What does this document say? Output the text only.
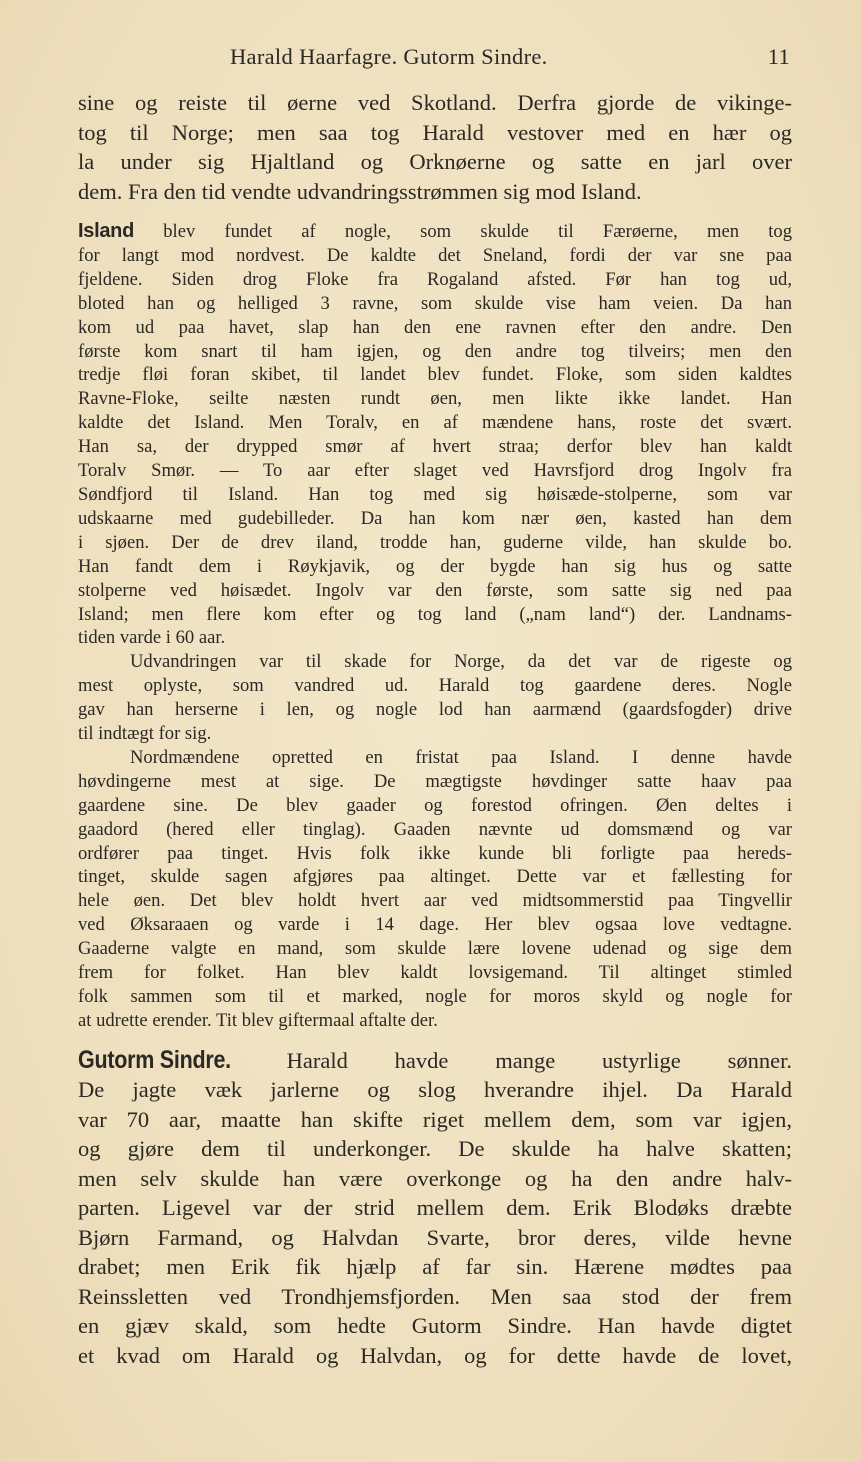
Harald Haarfagre. Gutorm Sindre.	11
sine og reiste til øerne ved Skotland. Derfra gjorde de vikinge-
tog til Norge; men saa tog Harald vestover med en hær og
la under sig Hjaltland og Orknøerne og satte en jarl over
dem. Fra den tid vendte udvandringsstrømmen sig mod Island.
Island blev fundet af nogle, som skulde til Færøerne, men tog
for langt mod nordvest. De kaldte det Sneland, fordi der var sne paa
fjeldene. Siden drog Floke fra Rogaland afsted. Før han tog ud,
bloted han og helliged 3 ravne, som skulde vise ham veien. Da han
kom ud paa havet, slap han den ene ravnen efter den andre. Den
første kom snart til ham igjen, og den andre tog tilveirs; men den
tredje fløi foran skibet, til landet blev fundet. Floke, som siden kaldtes
Ravne-Floke, seilte næsten rundt øen, men likte ikke landet. Han
kaldte det Island. Men Toralv, en af mændene hans, roste det svært.
Han sa, der drypped smør af hvert straa; derfor blev han kaldt
Toralv Smør. — To aar efter slaget ved Havrsfjord drog Ingolv fra
Søndfjord til Island. Han tog med sig høisæde-stolperne, som var
udskaarne med gudebilleder. Da han kom nær øen, kasted han dem
i sjøen. Der de drev iland, trodde han, guderne vilde, han skulde bo.
Han fandt dem i Røykjavik, og der bygde han sig hus og satte
stolperne ved høisædet. Ingolv var den første, som satte sig ned paa
Island; men flere kom efter og tog land („nam land“) der. Landnams-
tiden varde i 60 aar.
Udvandringen var til skade for Norge, da det var de rigeste og
mest oplyste, som vandred ud. Harald tog gaardene deres. Nogle
gav han herserne i len, og nogle lod han aarmænd (gaardsfogder) drive
til indtægt for sig.
Nordmændene opretted en fristat paa Island. I denne havde
høvdingerne mest at sige. De mægtigste høvdinger satte haav paa
gaardene sine. De blev gaader og forestod ofringen. Øen deltes i
gaadord (hered eller tinglag). Gaaden nævnte ud domsmænd og var
ordfører paa tinget. Hvis folk ikke kunde bli forligte paa hereds-
tinget, skulde sagen afgjøres paa altinget. Dette var et fællesting for
hele øen. Det blev holdt hvert aar ved midtsommerstid paa Tingvellir
ved Øksaraaen og varde i 14 dage. Her blev ogsaa love vedtagne.
Gaaderne valgte en mand, som skulde lære lovene udenad og sige dem
frem for folket. Han blev kaldt lovsigemand. Til altinget stimled
folk sammen som til et marked, nogle for moros skyld og nogle for
at udrette erender. Tit blev giftermaal aftalte der.
Gutorm Sindre. Harald havde mange ustyrlige sønner.
De jagte væk jarlerne og slog hverandre ihjel. Da Harald
var 70 aar, maatte han skifte riget mellem dem, som var igjen,
og gjøre dem til underkonger. De skulde ha halve skatten;
men selv skulde han være overkonge og ha den andre halv-
parten. Ligevel var der strid mellem dem. Erik Blodøks dræbte
Bjørn Farmand, og Halvdan Svarte, bror deres, vilde hevne
drabet; men Erik fik hjælp af far sin. Hærene mødtes paa
Reinssletten ved Trondhjemsfjorden. Men saa stod der frem
en gjæv skald, som hedte Gutorm Sindre. Han havde digtet
et kvad om Harald og Halvdan, og for dette havde de lovet,
